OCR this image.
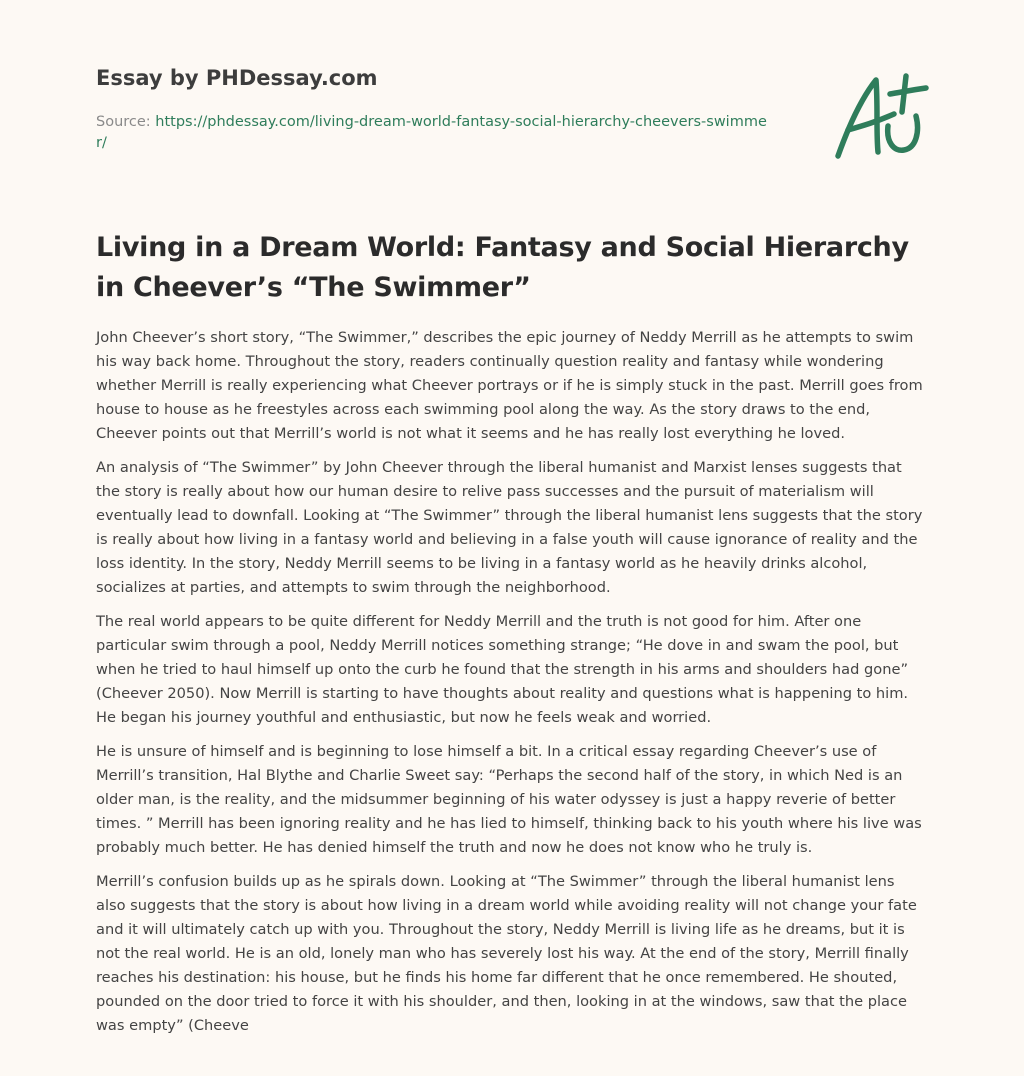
Essay by PHDessay.com

Source: https://phdessay.com/living-dream-world-fantasy-social-hierarchy-cheevers-swimmer/

Living in a Dream World: Fantasy and Social Hierarchy in Cheever’s “The Swimmer”

John Cheever’s short story, “The Swimmer,” describes the epic journey of Neddy Merrill as he attempts to swim his way back home. Throughout the story, readers continually question reality and fantasy while wondering whether Merrill is really experiencing what Cheever portrays or if he is simply stuck in the past. Merrill goes from house to house as he freestyles across each swimming pool along the way. As the story draws to the end, Cheever points out that Merrill’s world is not what it seems and he has really lost everything he loved.

An analysis of “The Swimmer” by John Cheever through the liberal humanist and Marxist lenses suggests that the story is really about how our human desire to relive pass successes and the pursuit of materialism will eventually lead to downfall. Looking at “The Swimmer” through the liberal humanist lens suggests that the story is really about how living in a fantasy world and believing in a false youth will cause ignorance of reality and the loss identity. In the story, Neddy Merrill seems to be living in a fantasy world as he heavily drinks alcohol, socializes at parties, and attempts to swim through the neighborhood.

The real world appears to be quite different for Neddy Merrill and the truth is not good for him. After one particular swim through a pool, Neddy Merrill notices something strange; “He dove in and swam the pool, but when he tried to haul himself up onto the curb he found that the strength in his arms and shoulders had gone” (Cheever 2050). Now Merrill is starting to have thoughts about reality and questions what is happening to him. He began his journey youthful and enthusiastic, but now he feels weak and worried.

He is unsure of himself and is beginning to lose himself a bit. In a critical essay regarding Cheever’s use of Merrill’s transition, Hal Blythe and Charlie Sweet say: “Perhaps the second half of the story, in which Ned is an older man, is the reality, and the midsummer beginning of his water odyssey is just a happy reverie of better times. ” Merrill has been ignoring reality and he has lied to himself, thinking back to his youth where his live was probably much better. He has denied himself the truth and now he does not know who he truly is.

Merrill’s confusion builds up as he spirals down. Looking at “The Swimmer” through the liberal humanist lens also suggests that the story is about how living in a dream world while avoiding reality will not change your fate and it will ultimately catch up with you. Throughout the story, Neddy Merrill is living life as he dreams, but it is not the real world. He is an old, lonely man who has severely lost his way. At the end of the story, Merrill finally reaches his destination: his house, but he finds his home far different that he once remembered. He shouted, pounded on the door tried to force it with his shoulder, and then, looking in at the windows, saw that the place was empty” (Cheeve
